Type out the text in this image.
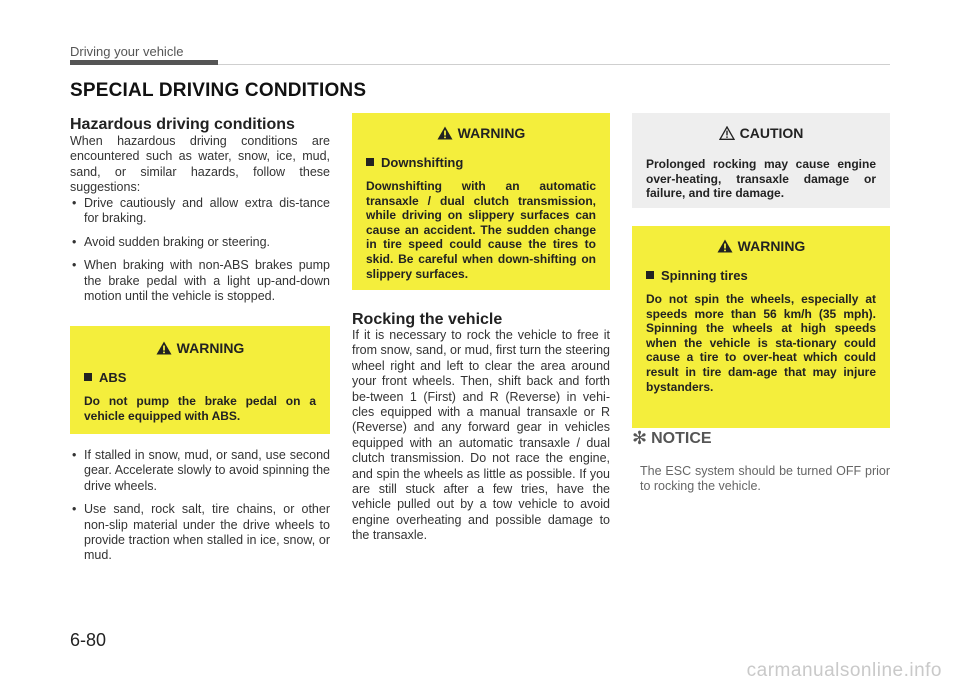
Driving your vehicle
SPECIAL DRIVING CONDITIONS
Hazardous driving conditions
When hazardous driving conditions are encountered such as water, snow, ice, mud, sand, or similar hazards, follow these suggestions:
• Drive cautiously and allow extra dis-tance for braking.
• Avoid sudden braking or steering.
• When braking with non-ABS brakes pump the brake pedal with a light up-and-down motion until the vehicle is stopped.
WARNING
ABS
Do not pump the brake pedal on a vehicle equipped with ABS.
• If stalled in snow, mud, or sand, use second gear. Accelerate slowly to avoid spinning the drive wheels.
• Use sand, rock salt, tire chains, or other non-slip material under the drive wheels to provide traction when stalled in ice, snow, or mud.
WARNING
Downshifting
Downshifting with an automatic transaxle / dual clutch transmission, while driving on slippery surfaces can cause an accident. The sudden change in tire speed could cause the tires to skid. Be careful when down-shifting on slippery surfaces.
Rocking the vehicle
If it is necessary to rock the vehicle to free it from snow, sand, or mud, first turn the steering wheel right and left to clear the area around your front wheels. Then, shift back and forth be-tween 1 (First) and R (Reverse) in vehi-cles equipped with a manual transaxle or R (Reverse) and any forward gear in vehicles equipped with an automatic transaxle / dual clutch transmission. Do not race the engine, and spin the wheels as little as possible. If you are still stuck after a few tries, have the vehicle pulled out by a tow vehicle to avoid engine overheating and possible damage to the transaxle.
CAUTION
Prolonged rocking may cause engine over-heating, transaxle damage or failure, and tire damage.
WARNING
Spinning tires
Do not spin the wheels, especially at speeds more than 56 km/h (35 mph). Spinning the wheels at high speeds when the vehicle is sta-tionary could cause a tire to over-heat which could result in tire dam-age that may injure bystanders.
✻ NOTICE
The ESC system should be turned OFF prior to rocking the vehicle.
6-80
carmanualsonline.info
